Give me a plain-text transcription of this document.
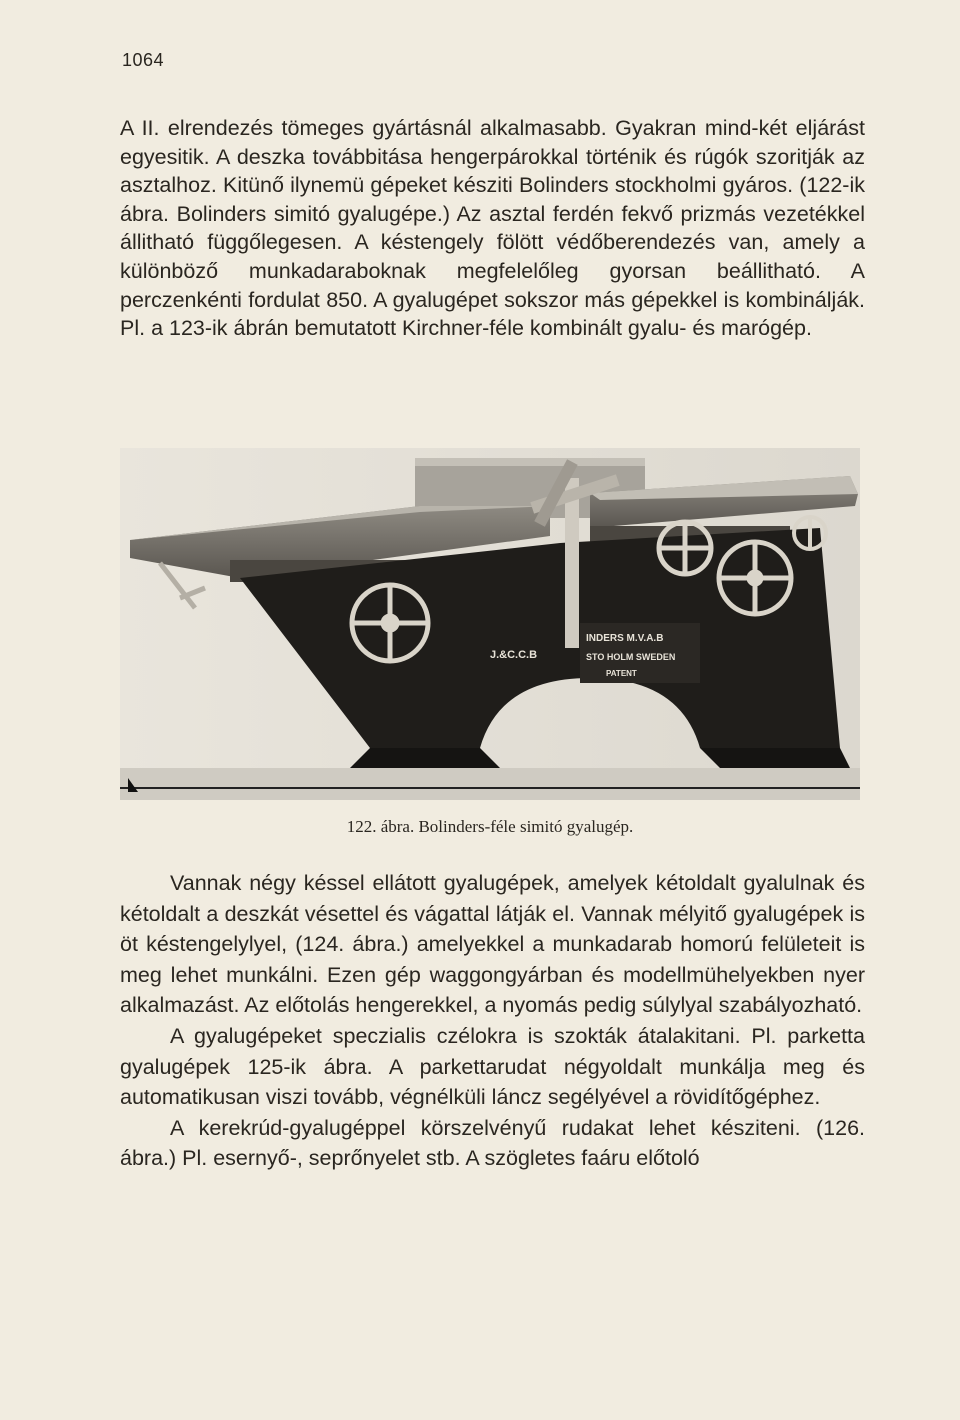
1064

A II. elrendezés tömeges gyártásnál alkalmasabb. Gyakran mind-két eljárást egyesitik. A deszka továbbitása hengerpárokkal történik és rúgók szoritják az asztalhoz. Kitünő ilynemü gépeket késziti Bolinders stockholmi gyáros. (122-ik ábra. Bolinders simitó gyalugépe.) Az asztal ferdén fekvő prizmás vezetékkel állitható függőlegesen. A késtengely fölött védőberendezés van, amely a különböző munkadaraboknak megfelelőleg gyorsan beállitható. A perczenkénti fordulat 850. A gyalugépet sokszor más gépekkel is kombinálják. Pl. a 123-ik ábrán bemutatott Kirchner-féle kombinált gyalu- és marógép.

J.&C.C.B
INDERS M.V.A.B
STO HOLM SWEDEN
PATENT
122. ábra. Bolinders-féle simitó gyalugép.

Vannak négy késsel ellátott gyalugépek, amelyek kétoldalt gyalulnak és kétoldalt a deszkát vésettel és vágattal látják el. Vannak mélyitő gyalugépek is öt késtengelylyel, (124. ábra.) amelyekkel a munkadarab homorú felületeit is meg lehet munkálni. Ezen gép waggongyárban és modellmühelyekben nyer alkalmazást. Az előtolás hengerekkel, a nyomás pedig súlylyal szabályozható.

A gyalugépeket speczialis czélokra is szokták átalakitani. Pl. parketta gyalugépek 125-ik ábra. A parkettarudat négyoldalt munkálja meg és automatikusan viszi tovább, végnélküli láncz segélyével a rövidítőgéphez.

A kerekrúd-gyalugéppel körszelvényű rudakat lehet késziteni. (126. ábra.) Pl. esernyő-, seprőnyelet stb. A szögletes faáru előtoló
